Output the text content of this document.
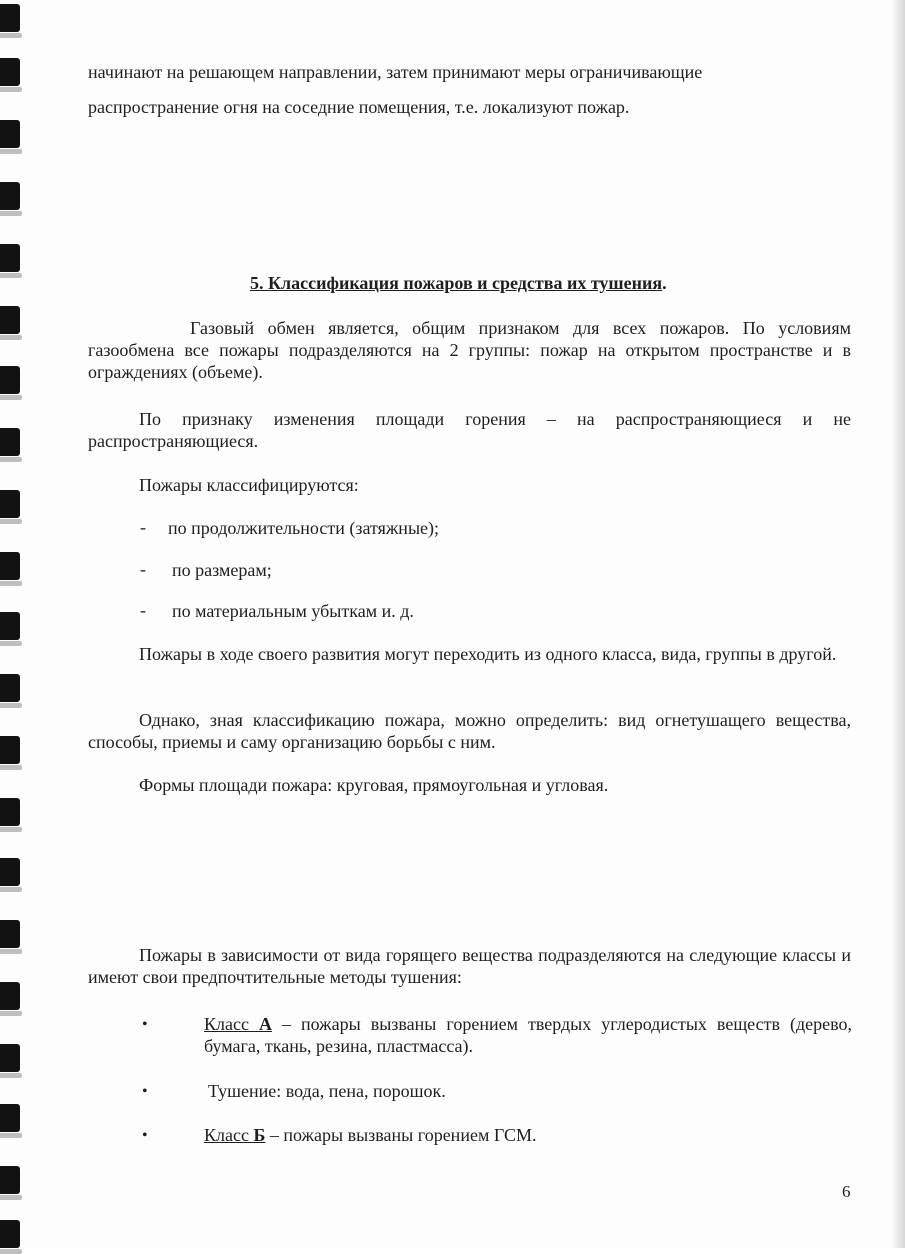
начинают на решающем направлении, затем принимают меры ограничивающие
распространение огня на соседние помещения, т.е. локализуют пожар.
5. Классификация пожаров и средства их тушения.
Газовый обмен является, общим признаком для всех пожаров. По условиям газообмена все пожары подразделяются на 2 группы: пожар на открытом пространстве и в ограждениях (объеме).
По признаку изменения площади горения – на распространяющиеся и не распространяющиеся.
Пожары классифицируются:
- по продолжительности (затяжные);
- по размерам;
- по материальным убыткам и. д.
Пожары в ходе своего развития могут переходить из одного класса, вида, группы в другой.
Однако, зная классификацию пожара, можно определить: вид огнетушащего вещества, способы, приемы и саму организацию борьбы с ним.
Формы площади пожара: круговая, прямоугольная и угловая.
Пожары в зависимости от вида горящего вещества подразделяются на следующие классы и имеют свои предпочтительные методы тушения:
•	Класс А – пожары вызваны горением твердых углеродистых веществ (дерево, бумага, ткань, резина, пластмасса).
•	Тушение: вода, пена, порошок.
•	Класс Б – пожары вызваны горением ГСМ.
6
